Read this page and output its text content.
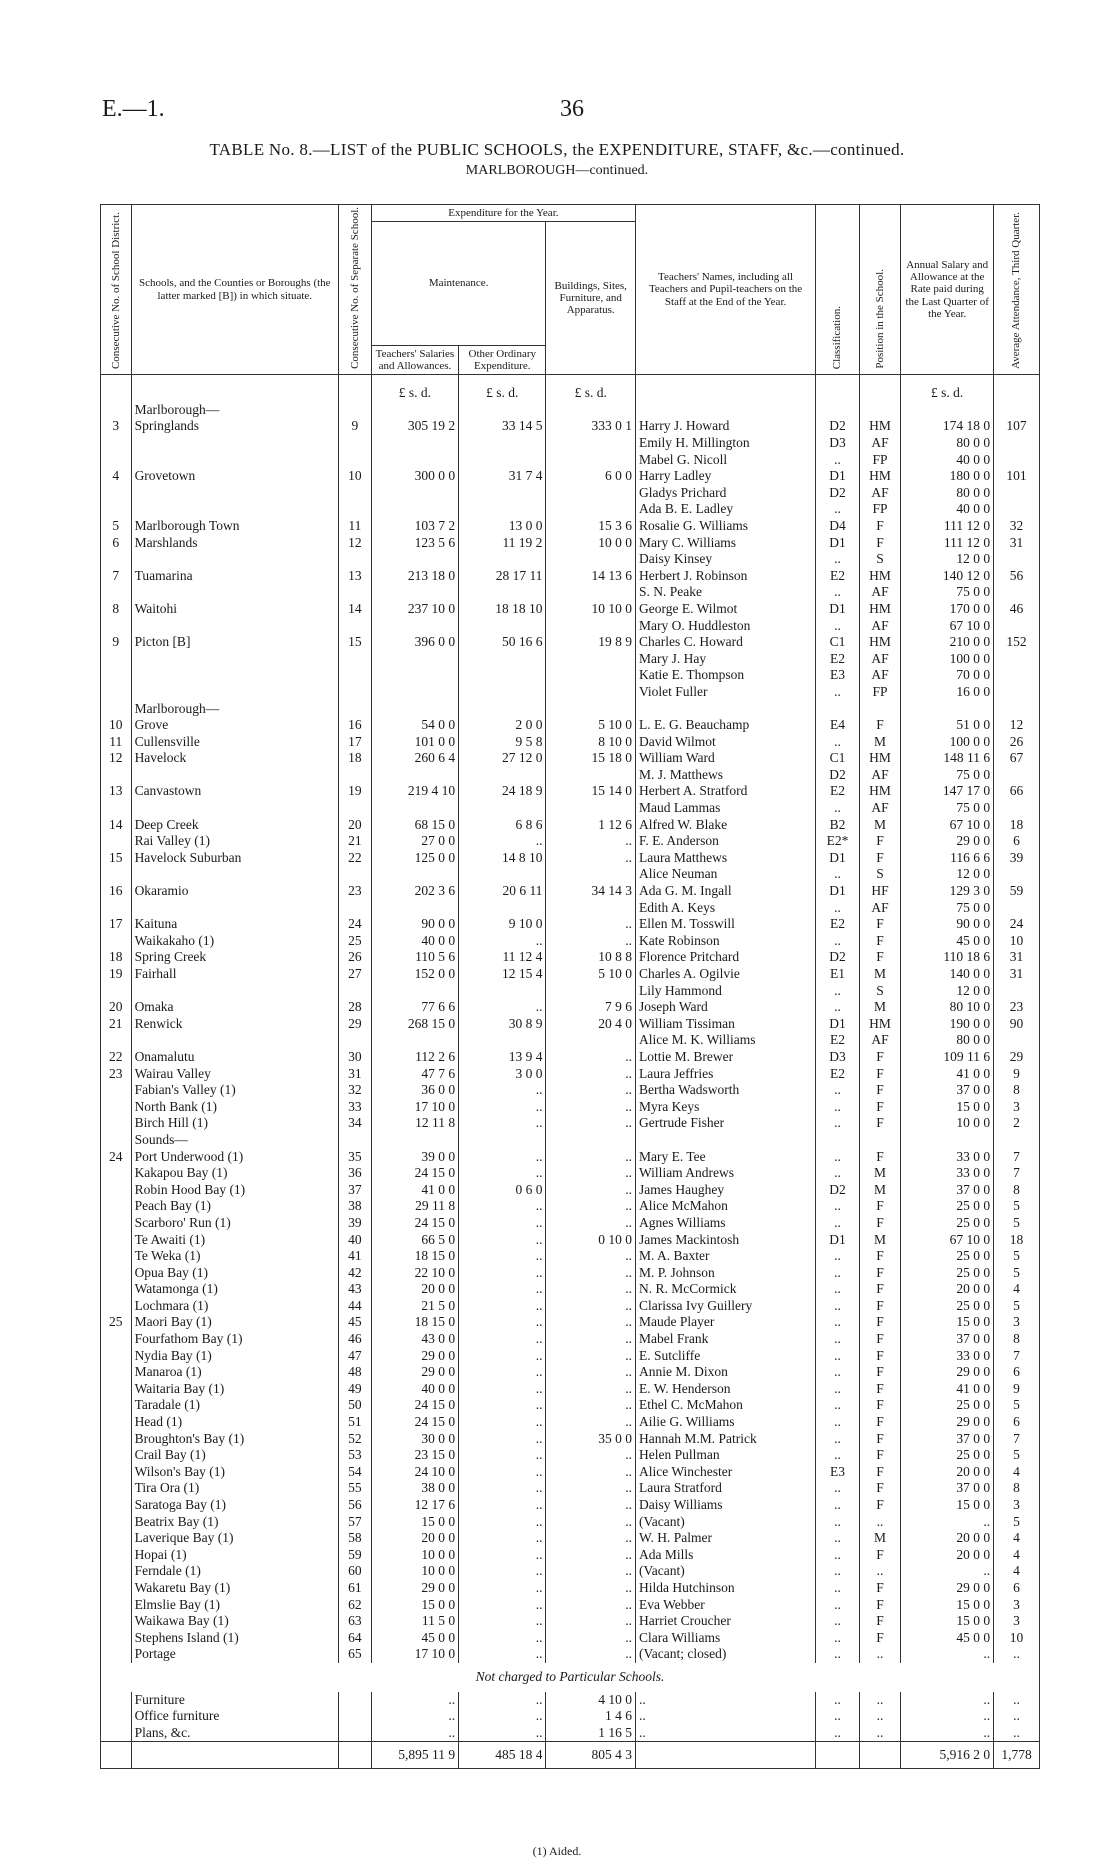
E.—1.	36
TABLE No. 8.—LIST of the PUBLIC SCHOOLS, the EXPENDITURE, STAFF, &c.—continued.
MARLBOROUGH—continued.
Consecutive No. of School District.	Schools, and the Counties or Boroughs (the latter marked [B]) in which situate.	Consecutive No. of Separate School.	Expenditure for the Year.			Teachers' Names, including all Teachers and Pupil-teachers on the Staff at the End of the Year.	Classification.	Position in the School.	Annual Salary and Allowance at the Rate paid during the Last Quarter of the Year.	Average Attendance, Third Quarter.
			Maintenance.		Buildings, Sites, Furniture, and Apparatus.					
			Teachers' Salaries and Allowances.	Other Ordinary Expenditure.						
			£ s. d.	£ s. d.	£ s. d.				£ s. d.	
	Marlborough—									
3	Springlands	9	305 19 2	33 14 5	333 0 1	Harry J. Howard	D2	HM	174 18 0	107
						Emily H. Millington	D3	AF	80 0 0	
						Mabel G. Nicoll	..	FP	40 0 0	
4	Grovetown	10	300 0 0	31 7 4	6 0 0	Harry Ladley	D1	HM	180 0 0	101
						Gladys Prichard	D2	AF	80 0 0	
						Ada B. E. Ladley	..	FP	40 0 0	
5	Marlborough Town	11	103 7 2	13 0 0	15 3 6	Rosalie G. Williams	D4	F	111 12 0	32
6	Marshlands	12	123 5 6	11 19 2	10 0 0	Mary C. Williams	D1	F	111 12 0	31
						Daisy Kinsey	..	S	12 0 0	
7	Tuamarina	13	213 18 0	28 17 11	14 13 6	Herbert J. Robinson	E2	HM	140 12 0	56
						S. N. Peake	..	AF	75 0 0	
8	Waitohi	14	237 10 0	18 18 10	10 10 0	George E. Wilmot	D1	HM	170 0 0	46
						Mary O. Huddleston	..	AF	67 10 0	
9	Picton [B]	15	396 0 0	50 16 6	19 8 9	Charles C. Howard	C1	HM	210 0 0	152
						Mary J. Hay	E2	AF	100 0 0	
						Katie E. Thompson	E3	AF	70 0 0	
						Violet Fuller	..	FP	16 0 0	
	Marlborough—									
10	Grove	16	54 0 0	2 0 0	5 10 0	L. E. G. Beauchamp	E4	F	51 0 0	12
11	Cullensville	17	101 0 0	9 5 8	8 10 0	David Wilmot	..	M	100 0 0	26
12	Havelock	18	260 6 4	27 12 0	15 18 0	William Ward	C1	HM	148 11 6	67
						M. J. Matthews	D2	AF	75 0 0	
13	Canvastown	19	219 4 10	24 18 9	15 14 0	Herbert A. Stratford	E2	HM	147 17 0	66
						Maud Lammas	..	AF	75 0 0	
14	Deep Creek	20	68 15 0	6 8 6	1 12 6	Alfred W. Blake	B2	M	67 10 0	18
	Rai Valley (1)	21	27 0 0	..	..	F. E. Anderson	E2*	F	29 0 0	6
15	Havelock Suburban	22	125 0 0	14 8 10	..	Laura Matthews	D1	F	116 6 6	39
						Alice Neuman	..	S	12 0 0	
16	Okaramio	23	202 3 6	20 6 11	34 14 3	Ada G. M. Ingall	D1	HF	129 3 0	59
						Edith A. Keys	..	AF	75 0 0	
17	Kaituna	24	90 0 0	9 10 0	..	Ellen M. Tosswill	E2	F	90 0 0	24
	Waikakaho (1)	25	40 0 0	..	..	Kate Robinson	..	F	45 0 0	10
18	Spring Creek	26	110 5 6	11 12 4	10 8 8	Florence Pritchard	D2	F	110 18 6	31
19	Fairhall	27	152 0 0	12 15 4	5 10 0	Charles A. Ogilvie	E1	M	140 0 0	31
						Lily Hammond	..	S	12 0 0	
20	Omaka	28	77 6 6	..	7 9 6	Joseph Ward	..	M	80 10 0	23
21	Renwick	29	268 15 0	30 8 9	20 4 0	William Tissiman	D1	HM	190 0 0	90
						Alice M. K. Williams	E2	AF	80 0 0	
22	Onamalutu	30	112 2 6	13 9 4	..	Lottie M. Brewer	D3	F	109 11 6	29
23	Wairau Valley	31	47 7 6	3 0 0	..	Laura Jeffries	E2	F	41 0 0	9
	Fabian's Valley (1)	32	36 0 0	..	..	Bertha Wadsworth	..	F	37 0 0	8
	North Bank (1)	33	17 10 0	..	..	Myra Keys	..	F	15 0 0	3
	Birch Hill (1)	34	12 11 8	..	..	Gertrude Fisher	..	F	10 0 0	2
	Sounds—									
24	Port Underwood (1)	35	39 0 0	..	..	Mary E. Tee	..	F	33 0 0	7
	Kakapou Bay (1)	36	24 15 0	..	..	William Andrews	..	M	33 0 0	7
	Robin Hood Bay (1)	37	41 0 0	0 6 0	..	James Haughey	D2	M	37 0 0	8
	Peach Bay (1)	38	29 11 8	..	..	Alice McMahon	..	F	25 0 0	5
	Scarboro' Run (1)	39	24 15 0	..	..	Agnes Williams	..	F	25 0 0	5
	Te Awaiti (1)	40	66 5 0	..	0 10 0	James Mackintosh	D1	M	67 10 0	18
	Te Weka (1)	41	18 15 0	..	..	M. A. Baxter	..	F	25 0 0	5
	Opua Bay (1)	42	22 10 0	..	..	M. P. Johnson	..	F	25 0 0	5
	Watamonga (1)	43	20 0 0	..	..	N. R. McCormick	..	F	20 0 0	4
	Lochmara (1)	44	21 5 0	..	..	Clarissa Ivy Guillery	..	F	25 0 0	5
25	Maori Bay (1)	45	18 15 0	..	..	Maude Player	..	F	15 0 0	3
	Fourfathom Bay (1)	46	43 0 0	..	..	Mabel Frank	..	F	37 0 0	8
	Nydia Bay (1)	47	29 0 0	..	..	E. Sutcliffe	..	F	33 0 0	7
	Manaroa (1)	48	29 0 0	..	..	Annie M. Dixon	..	F	29 0 0	6
	Waitaria Bay (1)	49	40 0 0	..	..	E. W. Henderson	..	F	41 0 0	9
	Taradale (1)	50	24 15 0	..	..	Ethel C. McMahon	..	F	25 0 0	5
	Head (1)	51	24 15 0	..	..	Ailie G. Williams	..	F	29 0 0	6
	Broughton's Bay (1)	52	30 0 0	..	35 0 0	Hannah M.M. Patrick	..	F	37 0 0	7
	Crail Bay (1)	53	23 15 0	..	..	Helen Pullman	..	F	25 0 0	5
	Wilson's Bay (1)	54	24 10 0	..	..	Alice Winchester	E3	F	20 0 0	4
	Tira Ora (1)	55	38 0 0	..	..	Laura Stratford	..	F	37 0 0	8
	Saratoga Bay (1)	56	12 17 6	..	..	Daisy Williams	..	F	15 0 0	3
	Beatrix Bay (1)	57	15 0 0	..	..	(Vacant)	..	..	..	5
	Laverique Bay (1)	58	20 0 0	..	..	W. H. Palmer	..	M	20 0 0	4
	Hopai (1)	59	10 0 0	..	..	Ada Mills	..	F	20 0 0	4
	Ferndale (1)	60	10 0 0	..	..	(Vacant)	..	..	..	4
	Wakaretu Bay (1)	61	29 0 0	..	..	Hilda Hutchinson	..	F	29 0 0	6
	Elmslie Bay (1)	62	15 0 0	..	..	Eva Webber	..	F	15 0 0	3
	Waikawa Bay (1)	63	11 5 0	..	..	Harriet Croucher	..	F	15 0 0	3
	Stephens Island (1)	64	45 0 0	..	..	Clara Williams	..	F	45 0 0	10
	Portage	65	17 10 0	..	..	(Vacant; closed)	..	..	..	..
Not charged to Particular Schools.										
	Furniture		..	..	4 10 0	..	..	..	..	..
	Office furniture		..	..	1 4 6	..	..	..	..	..
	Plans, &c.		..	..	1 16 5	..	..	..	..	..
			5,895 11 9	485 18 4	805 4 3				5,916 2 0	1,778
(1) Aided.
